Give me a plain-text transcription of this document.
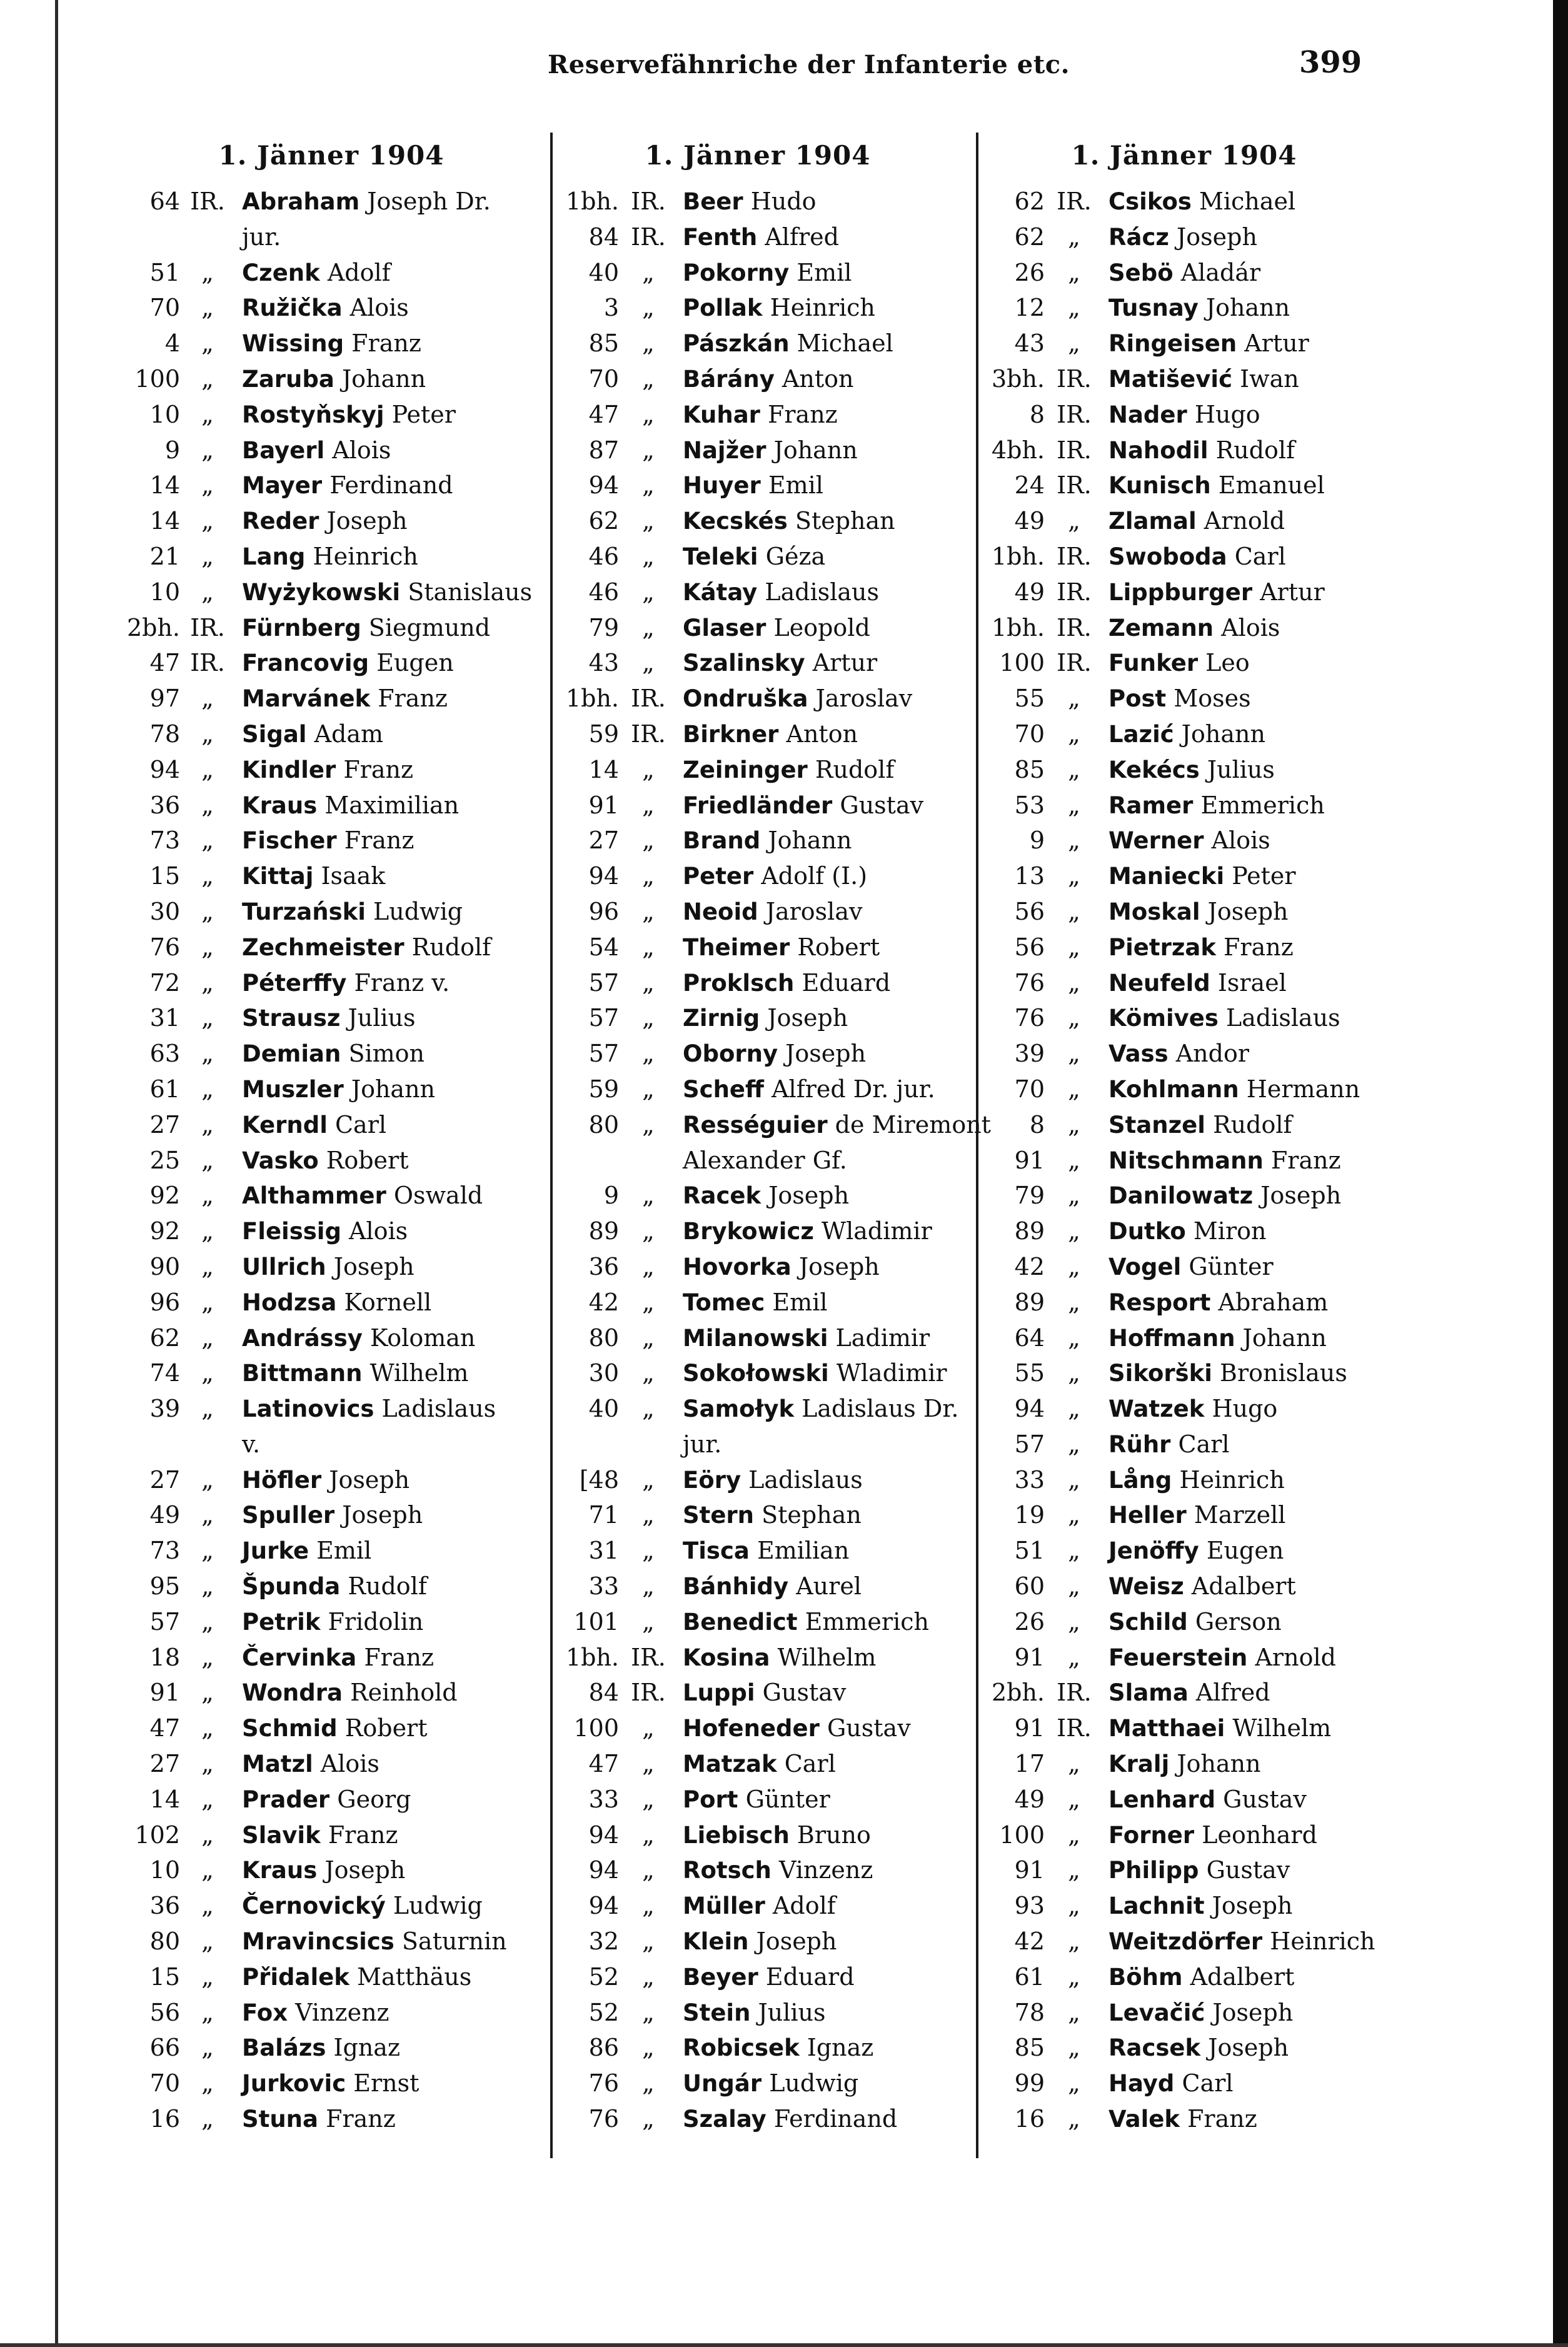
Reservefähnriche der Infanterie etc.	399
1. Jänner 1904	1. Jänner 1904	1. Jänner 1904
64 IR. Abraham Joseph Dr.
jur.
51 „	Czenk Adolf
70 „	Ružička Alois
4 „	Wissing Franz
100 „	Zaruba Johann
10 „	Rostyňskyj Peter
9 „	Bayerl Alois
14 „	Mayer Ferdinand
14 „	Reder Joseph
21 „	Lang Heinrich
10 „	Wyżykowski Stanislaus
2bh. IR. Fürnberg Siegmund
47 IR. Francovig Eugen
97 „	Marvánek Franz
78 „	Sigal Adam
94 „	Kindler Franz
36 „	Kraus Maximilian
73 „	Fischer Franz
15 „	Kittaj Isaak
30 „	Turzański Ludwig
76 „	Zechmeister Rudolf
72 „	Péterffy Franz v.
31 „	Strausz Julius
63 „	Demian Simon
61 „	Muszler Johann
27 „	Kerndl Carl
25 „	Vasko Robert
92 „	Althammer Oswald
92 „	Fleissig Alois
90 „	Ullrich Joseph
96 „	Hodzsa Kornell
62 „	Andrássy Koloman
74 „	Bittmann Wilhelm
39 „	Latinovics Ladislaus
v.
27 „	Höfler Joseph
49 „	Spuller Joseph
73 „	Jurke Emil
95 „	Špunda Rudolf
57 „	Petrik Fridolin
18 „	Červinka Franz
91 „	Wondra Reinhold
47 „	Schmid Robert
27 „	Matzl Alois
14 „	Prader Georg
102 „	Slavik Franz
10 „	Kraus Joseph
36 „	Černovický Ludwig
80 „	Mravincsics Saturnin
15 „	Přidalek Matthäus
56 „	Fox Vinzenz
66 „	Balázs Ignaz
70 „	Jurkovic Ernst
16 „	Stuna Franz
1bh. IR. Beer Hudo
84 IR. Fenth Alfred
40 „	Pokorny Emil
3 „	Pollak Heinrich
85 „	Pászkán Michael
70 „	Bárány Anton
47 „	Kuhar Franz
87 „	Najžer Johann
94 „	Huyer Emil
62 „	Kecskés Stephan
46 „	Teleki Géza
46 „	Kátay Ladislaus
79 „	Glaser Leopold
43 „	Szalinsky Artur
1bh. IR. Ondruška Jaroslav
59 IR. Birkner Anton
14 „	Zeininger Rudolf
91 „	Friedländer Gustav
27 „	Brand Johann
94 „	Peter Adolf (I.)
96 „	Neoid Jaroslav
54 „	Theimer Robert
57 „	Proklsch Eduard
57 „	Zirnig Joseph
57 „	Oborny Joseph
59 „	Scheff Alfred Dr. jur.
80 „	Rességuier de Miremont
Alexander Gf.
9 „	Racek Joseph
89 „	Brykowicz Wladimir
36 „	Hovorka Joseph
42 „	Tomec Emil
80 „	Milanowski Ladimir
30 „	Sokołowski Wladimir
40 „	Samołyk Ladislaus Dr.
jur.
[48 „	Eöry Ladislaus
71 „	Stern Stephan
31 „	Tisca Emilian
33 „	Bánhidy Aurel
101 „	Benedict Emmerich
1bh. IR. Kosina Wilhelm
84 IR. Luppi Gustav
100 „	Hofeneder Gustav
47 „	Matzak Carl
33 „	Port Günter
94 „	Liebisch Bruno
94 „	Rotsch Vinzenz
94 „	Müller Adolf
32 „	Klein Joseph
52 „	Beyer Eduard
52 „	Stein Julius
86 „	Robicsek Ignaz
76 „	Ungár Ludwig
76 „	Szalay Ferdinand
62 IR. Csikos Michael
62 „	Rácz Joseph
26 „	Sebö Aladár
12 „	Tusnay Johann
43 „	Ringeisen Artur
3bh. IR. Matišević Iwan
8 IR. Nader Hugo
4bh. IR. Nahodil Rudolf
24 IR. Kunisch Emanuel
49 „	Zlamal Arnold
1bh. IR. Swoboda Carl
49 IR. Lippburger Artur
1bh. IR. Zemann Alois
100 IR. Funker Leo
55 „	Post Moses
70 „	Lazić Johann
85 „	Kekécs Julius
53 „	Ramer Emmerich
9 „	Werner Alois
13 „	Maniecki Peter
56 „	Moskal Joseph
56 „	Pietrzak Franz
76 „	Neufeld Israel
76 „	Kömives Ladislaus
39 „	Vass Andor
70 „	Kohlmann Hermann
8 „	Stanzel Rudolf
91 „	Nitschmann Franz
79 „	Danilowatz Joseph
89 „	Dutko Miron
42 „	Vogel Günter
89 „	Resport Abraham
64 „	Hoffmann Johann
55 „	Sikorški Bronislaus
94 „	Watzek Hugo
57 „	Rühr Carl
33 „	Lång Heinrich
19 „	Heller Marzell
51 „	Jenöffy Eugen
60 „	Weisz Adalbert
26 „	Schild Gerson
91 „	Feuerstein Arnold
2bh. IR. Slama Alfred
91 IR. Matthaei Wilhelm
17 „	Kralj Johann
49 „	Lenhard Gustav
100 „	Forner Leonhard
91 „	Philipp Gustav
93 „	Lachnit Joseph
42 „	Weitzdörfer Heinrich
61 „	Böhm Adalbert
78 „	Levačić Joseph
85 „	Racsek Joseph
99 „	Hayd Carl
16 „	Valek Franz
